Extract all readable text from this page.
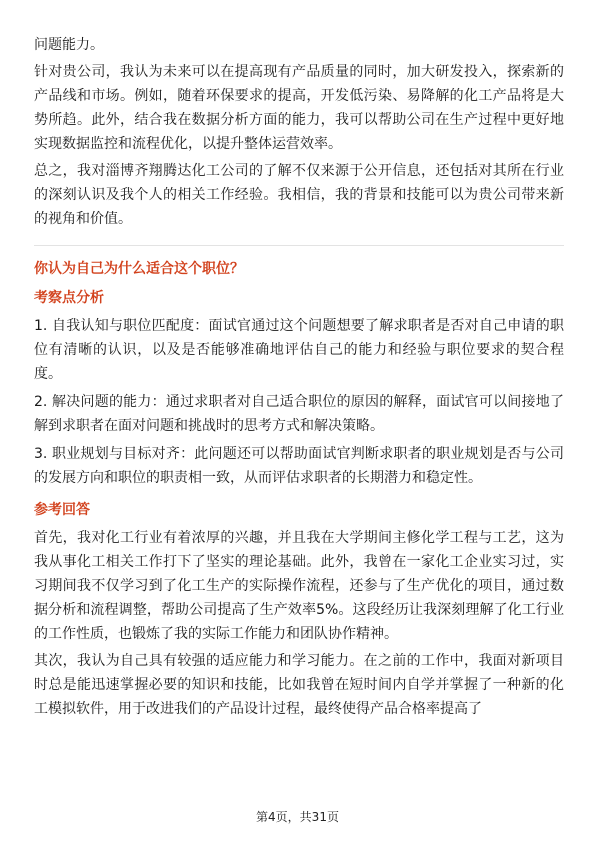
问题能力。

针对贵公司，我认为未来可以在提高现有产品质量的同时，加大研发投入，探索新的产品线和市场。例如，随着环保要求的提高，开发低污染、易降解的化工产品将是大势所趋。此外，结合我在数据分析方面的能力，我可以帮助公司在生产过程中更好地实现数据监控和流程优化，以提升整体运营效率。

总之，我对淄博齐翔腾达化工公司的了解不仅来源于公开信息，还包括对其所在行业的深刻认识及我个人的相关工作经验。我相信，我的背景和技能可以为贵公司带来新的视角和价值。

你认为自己为什么适合这个职位？
考察点分析

1. 自我认知与职位匹配度：面试官通过这个问题想要了解求职者是否对自己申请的职位有清晰的认识，以及是否能够准确地评估自己的能力和经验与职位要求的契合程度。

2. 解决问题的能力：通过求职者对自己适合职位的原因的解释，面试官可以间接地了解到求职者在面对问题和挑战时的思考方式和解决策略。

3. 职业规划与目标对齐：此问题还可以帮助面试官判断求职者的职业规划是否与公司的发展方向和职位的职责相一致，从而评估求职者的长期潜力和稳定性。

参考回答

首先，我对化工行业有着浓厚的兴趣，并且我在大学期间主修化学工程与工艺，这为我从事化工相关工作打下了坚实的理论基础。此外，我曾在一家化工企业实习过，实习期间我不仅学习到了化工生产的实际操作流程，还参与了生产优化的项目，通过数据分析和流程调整，帮助公司提高了生产效率5%。这段经历让我深刻理解了化工行业的工作性质，也锻炼了我的实际工作能力和团队协作精神。

其次，我认为自己具有较强的适应能力和学习能力。在之前的工作中，我面对新项目时总是能迅速掌握必要的知识和技能，比如我曾在短时间内自学并掌握了一种新的化工模拟软件，用于改进我们的产品设计过程，最终使得产品合格率提高了

第4页，共31页
